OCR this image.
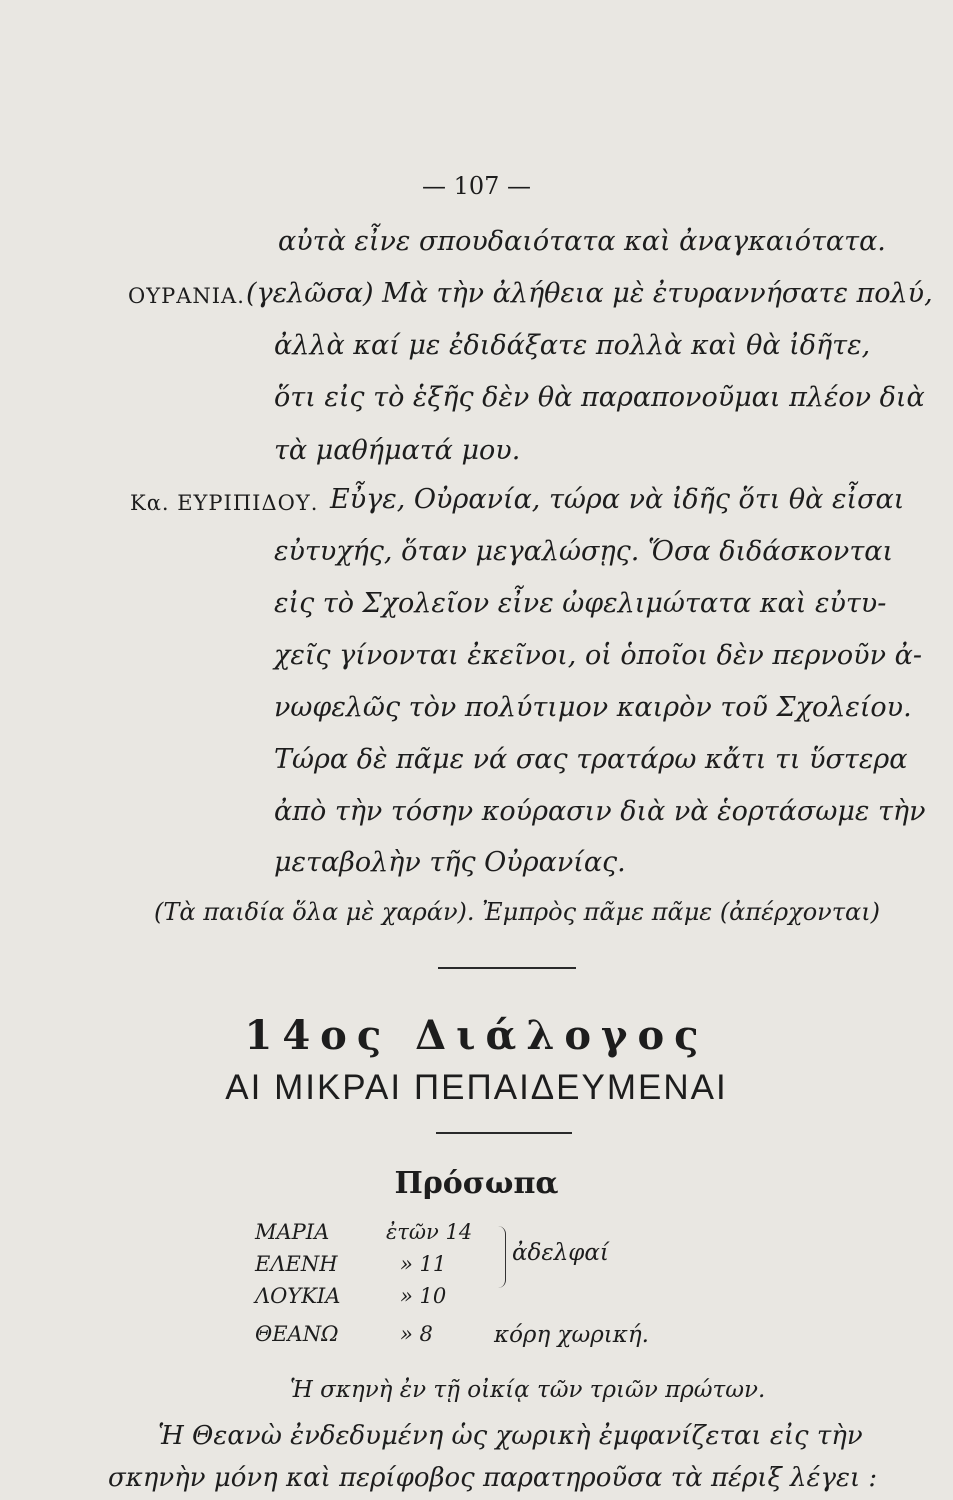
— 107 —
αὐτὰ εἶνε σπουδαιότατα καὶ ἀναγκαιότατα.
ΟΥΡΑΝΙΑ. (γελῶσα) Μὰ τὴν ἀλήθεια μὲ ἐτυραννήσατε πολύ,
ἀλλὰ καί με ἐδιδάξατε πολλὰ καὶ θὰ ἰδῆτε,
ὅτι εἰς τὸ ἑξῆς δὲν θὰ παραπονοῦμαι πλέον διὰ
τὰ μαθήματά μου.
Κα. ΕΥΡΙΠΙΔΟΥ. Εὖγε, Οὐρανία, τώρα νὰ ἰδῆς ὅτι θὰ εἶσαι
εὐτυχής, ὅταν μεγαλώσῃς. Ὅσα διδάσκονται
εἰς τὸ Σχολεῖον εἶνε ὠφελιμώτατα καὶ εὐτυ-
χεῖς γίνονται ἐκεῖνοι, οἱ ὁποῖοι δὲν περνοῦν ἀ-
νωφελῶς τὸν πολύτιμον καιρὸν τοῦ Σχολείου.
Τώρα δὲ πᾶμε νά σας τρατάρω κἄτι τι ὕστερα
ἀπὸ τὴν τόσην κούρασιν διὰ νὰ ἑορτάσωμε τὴν
μεταβολὴν τῆς Οὐρανίας.
(Τὰ παιδία ὅλα μὲ χαράν). Ἐμπρὸς πᾶμε πᾶμε (ἀπέρχονται)
14ος Διάλογος
ΑΙ ΜΙΚΡΑΙ ΠΕΠΑΙΔΕΥΜΕΝΑΙ
Πρόσωπα
ΜΑΡΙΑ	ἐτῶν 14
ΕΛΕΝΗ	» 11
ΛΟΥΚΙΑ	» 10
ΘΕΑΝΩ	» 8
ἀδελφαί
κόρη χωρική.
Ἡ σκηνὴ ἐν τῇ οἰκίᾳ τῶν τριῶν πρώτων.
Ἡ Θεανὼ ἐνδεδυμένη ὡς χωρικὴ ἐμφανίζεται εἰς τὴν
σκηνὴν μόνη καὶ περίφοβος παρατηροῦσα τὰ πέριξ λέγει :
